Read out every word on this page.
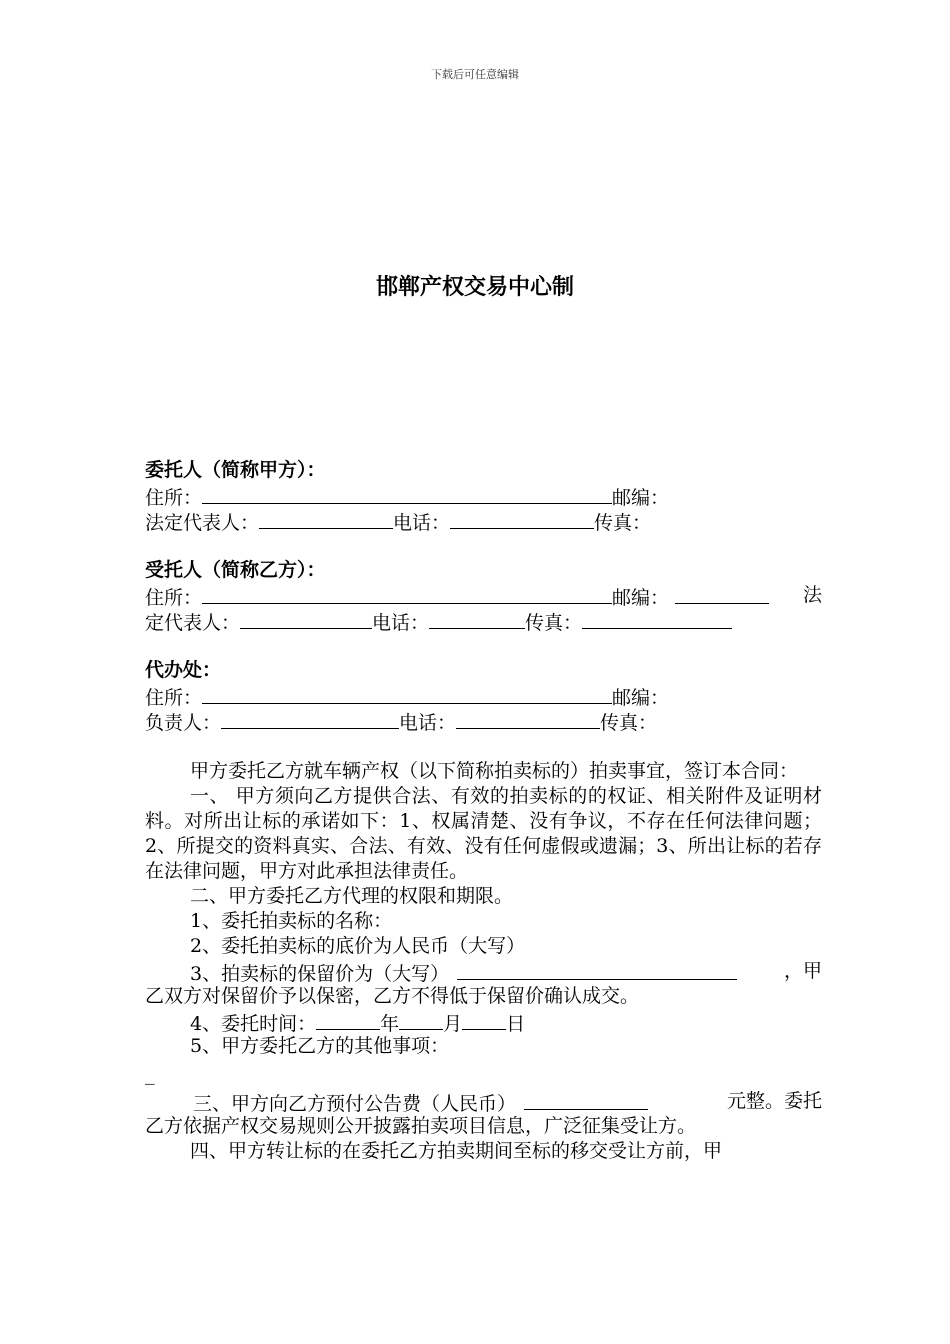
下载后可任意编辑
邯郸产权交易中心制
委托人（简称甲方）：
住所：	邮编：
法定代表人：	电话：	传真：
受托人（简称乙方）：
住所：	邮编：	法
定代表人：	电话：	传真：
代办处：
住所：	邮编：
负责人：	电话：	传真：
甲方委托乙方就车辆产权（以下简称拍卖标的）拍卖事宜，签订本合同：
一、 甲方须向乙方提供合法、有效的拍卖标的的权证、相关附件及证明材料。对所出让标的承诺如下：1、权属清楚、没有争议，不存在任何法律问题；2、所提交的资料真实、合法、有效、没有任何虚假或遗漏；3、所出让标的若存在法律问题，甲方对此承担法律责任。
二、甲方委托乙方代理的权限和期限。
1、委托拍卖标的名称：
2、委托拍卖标的底价为人民币（大写）
3、拍卖标的保留价为（大写）	，甲
乙双方对保留价予以保密，乙方不得低于保留价确认成交。
4、委托时间：	年 月 日
5、甲方委托乙方的其他事项：
_
三、甲方向乙方预付公告费（人民币）	元整。委托
乙方依据产权交易规则公开披露拍卖项目信息，广泛征集受让方。
四、甲方转让标的在委托乙方拍卖期间至标的移交受让方前，甲
